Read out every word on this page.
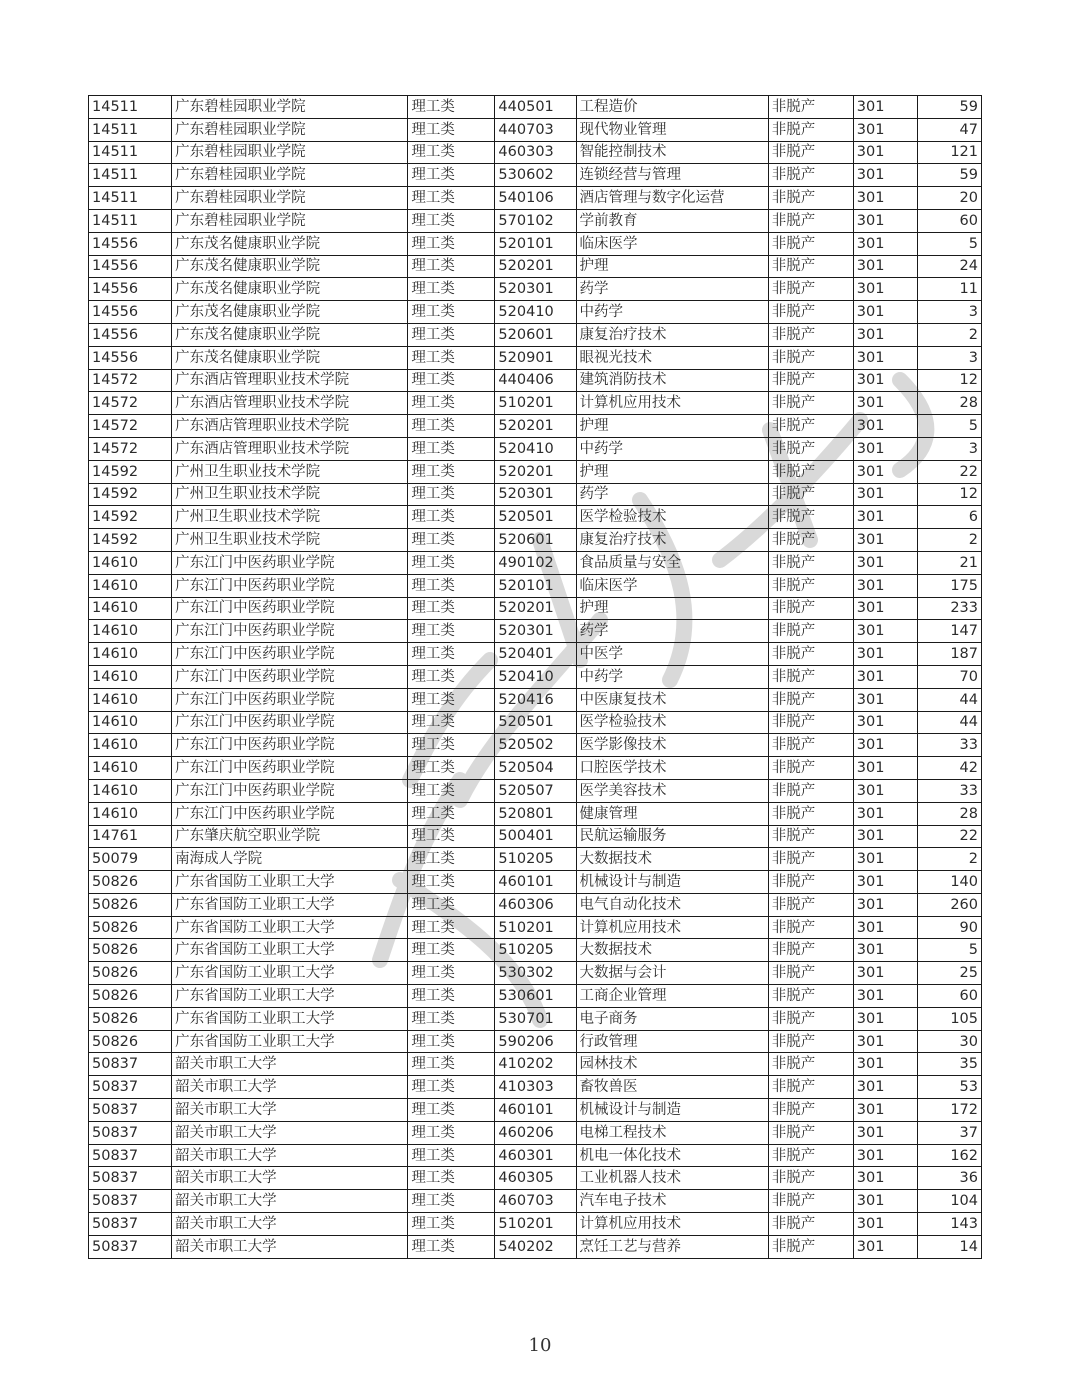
14511	广东碧桂园职业学院	理工类	440501	工程造价	非脱产	301	59
14511	广东碧桂园职业学院	理工类	440703	现代物业管理	非脱产	301	47
14511	广东碧桂园职业学院	理工类	460303	智能控制技术	非脱产	301	121
14511	广东碧桂园职业学院	理工类	530602	连锁经营与管理	非脱产	301	59
14511	广东碧桂园职业学院	理工类	540106	酒店管理与数字化运营	非脱产	301	20
14511	广东碧桂园职业学院	理工类	570102	学前教育	非脱产	301	60
14556	广东茂名健康职业学院	理工类	520101	临床医学	非脱产	301	5
14556	广东茂名健康职业学院	理工类	520201	护理	非脱产	301	24
14556	广东茂名健康职业学院	理工类	520301	药学	非脱产	301	11
14556	广东茂名健康职业学院	理工类	520410	中药学	非脱产	301	3
14556	广东茂名健康职业学院	理工类	520601	康复治疗技术	非脱产	301	2
14556	广东茂名健康职业学院	理工类	520901	眼视光技术	非脱产	301	3
14572	广东酒店管理职业技术学院	理工类	440406	建筑消防技术	非脱产	301	12
14572	广东酒店管理职业技术学院	理工类	510201	计算机应用技术	非脱产	301	28
14572	广东酒店管理职业技术学院	理工类	520201	护理	非脱产	301	5
14572	广东酒店管理职业技术学院	理工类	520410	中药学	非脱产	301	3
14592	广州卫生职业技术学院	理工类	520201	护理	非脱产	301	22
14592	广州卫生职业技术学院	理工类	520301	药学	非脱产	301	12
14592	广州卫生职业技术学院	理工类	520501	医学检验技术	非脱产	301	6
14592	广州卫生职业技术学院	理工类	520601	康复治疗技术	非脱产	301	2
14610	广东江门中医药职业学院	理工类	490102	食品质量与安全	非脱产	301	21
14610	广东江门中医药职业学院	理工类	520101	临床医学	非脱产	301	175
14610	广东江门中医药职业学院	理工类	520201	护理	非脱产	301	233
14610	广东江门中医药职业学院	理工类	520301	药学	非脱产	301	147
14610	广东江门中医药职业学院	理工类	520401	中医学	非脱产	301	187
14610	广东江门中医药职业学院	理工类	520410	中药学	非脱产	301	70
14610	广东江门中医药职业学院	理工类	520416	中医康复技术	非脱产	301	44
14610	广东江门中医药职业学院	理工类	520501	医学检验技术	非脱产	301	44
14610	广东江门中医药职业学院	理工类	520502	医学影像技术	非脱产	301	33
14610	广东江门中医药职业学院	理工类	520504	口腔医学技术	非脱产	301	42
14610	广东江门中医药职业学院	理工类	520507	医学美容技术	非脱产	301	33
14610	广东江门中医药职业学院	理工类	520801	健康管理	非脱产	301	28
14761	广东肇庆航空职业学院	理工类	500401	民航运输服务	非脱产	301	22
50079	南海成人学院	理工类	510205	大数据技术	非脱产	301	2
50826	广东省国防工业职工大学	理工类	460101	机械设计与制造	非脱产	301	140
50826	广东省国防工业职工大学	理工类	460306	电气自动化技术	非脱产	301	260
50826	广东省国防工业职工大学	理工类	510201	计算机应用技术	非脱产	301	90
50826	广东省国防工业职工大学	理工类	510205	大数据技术	非脱产	301	5
50826	广东省国防工业职工大学	理工类	530302	大数据与会计	非脱产	301	25
50826	广东省国防工业职工大学	理工类	530601	工商企业管理	非脱产	301	60
50826	广东省国防工业职工大学	理工类	530701	电子商务	非脱产	301	105
50826	广东省国防工业职工大学	理工类	590206	行政管理	非脱产	301	30
50837	韶关市职工大学	理工类	410202	园林技术	非脱产	301	35
50837	韶关市职工大学	理工类	410303	畜牧兽医	非脱产	301	53
50837	韶关市职工大学	理工类	460101	机械设计与制造	非脱产	301	172
50837	韶关市职工大学	理工类	460206	电梯工程技术	非脱产	301	37
50837	韶关市职工大学	理工类	460301	机电一体化技术	非脱产	301	162
50837	韶关市职工大学	理工类	460305	工业机器人技术	非脱产	301	36
50837	韶关市职工大学	理工类	460703	汽车电子技术	非脱产	301	104
50837	韶关市职工大学	理工类	510201	计算机应用技术	非脱产	301	143
50837	韶关市职工大学	理工类	540202	烹饪工艺与营养	非脱产	301	14
10
